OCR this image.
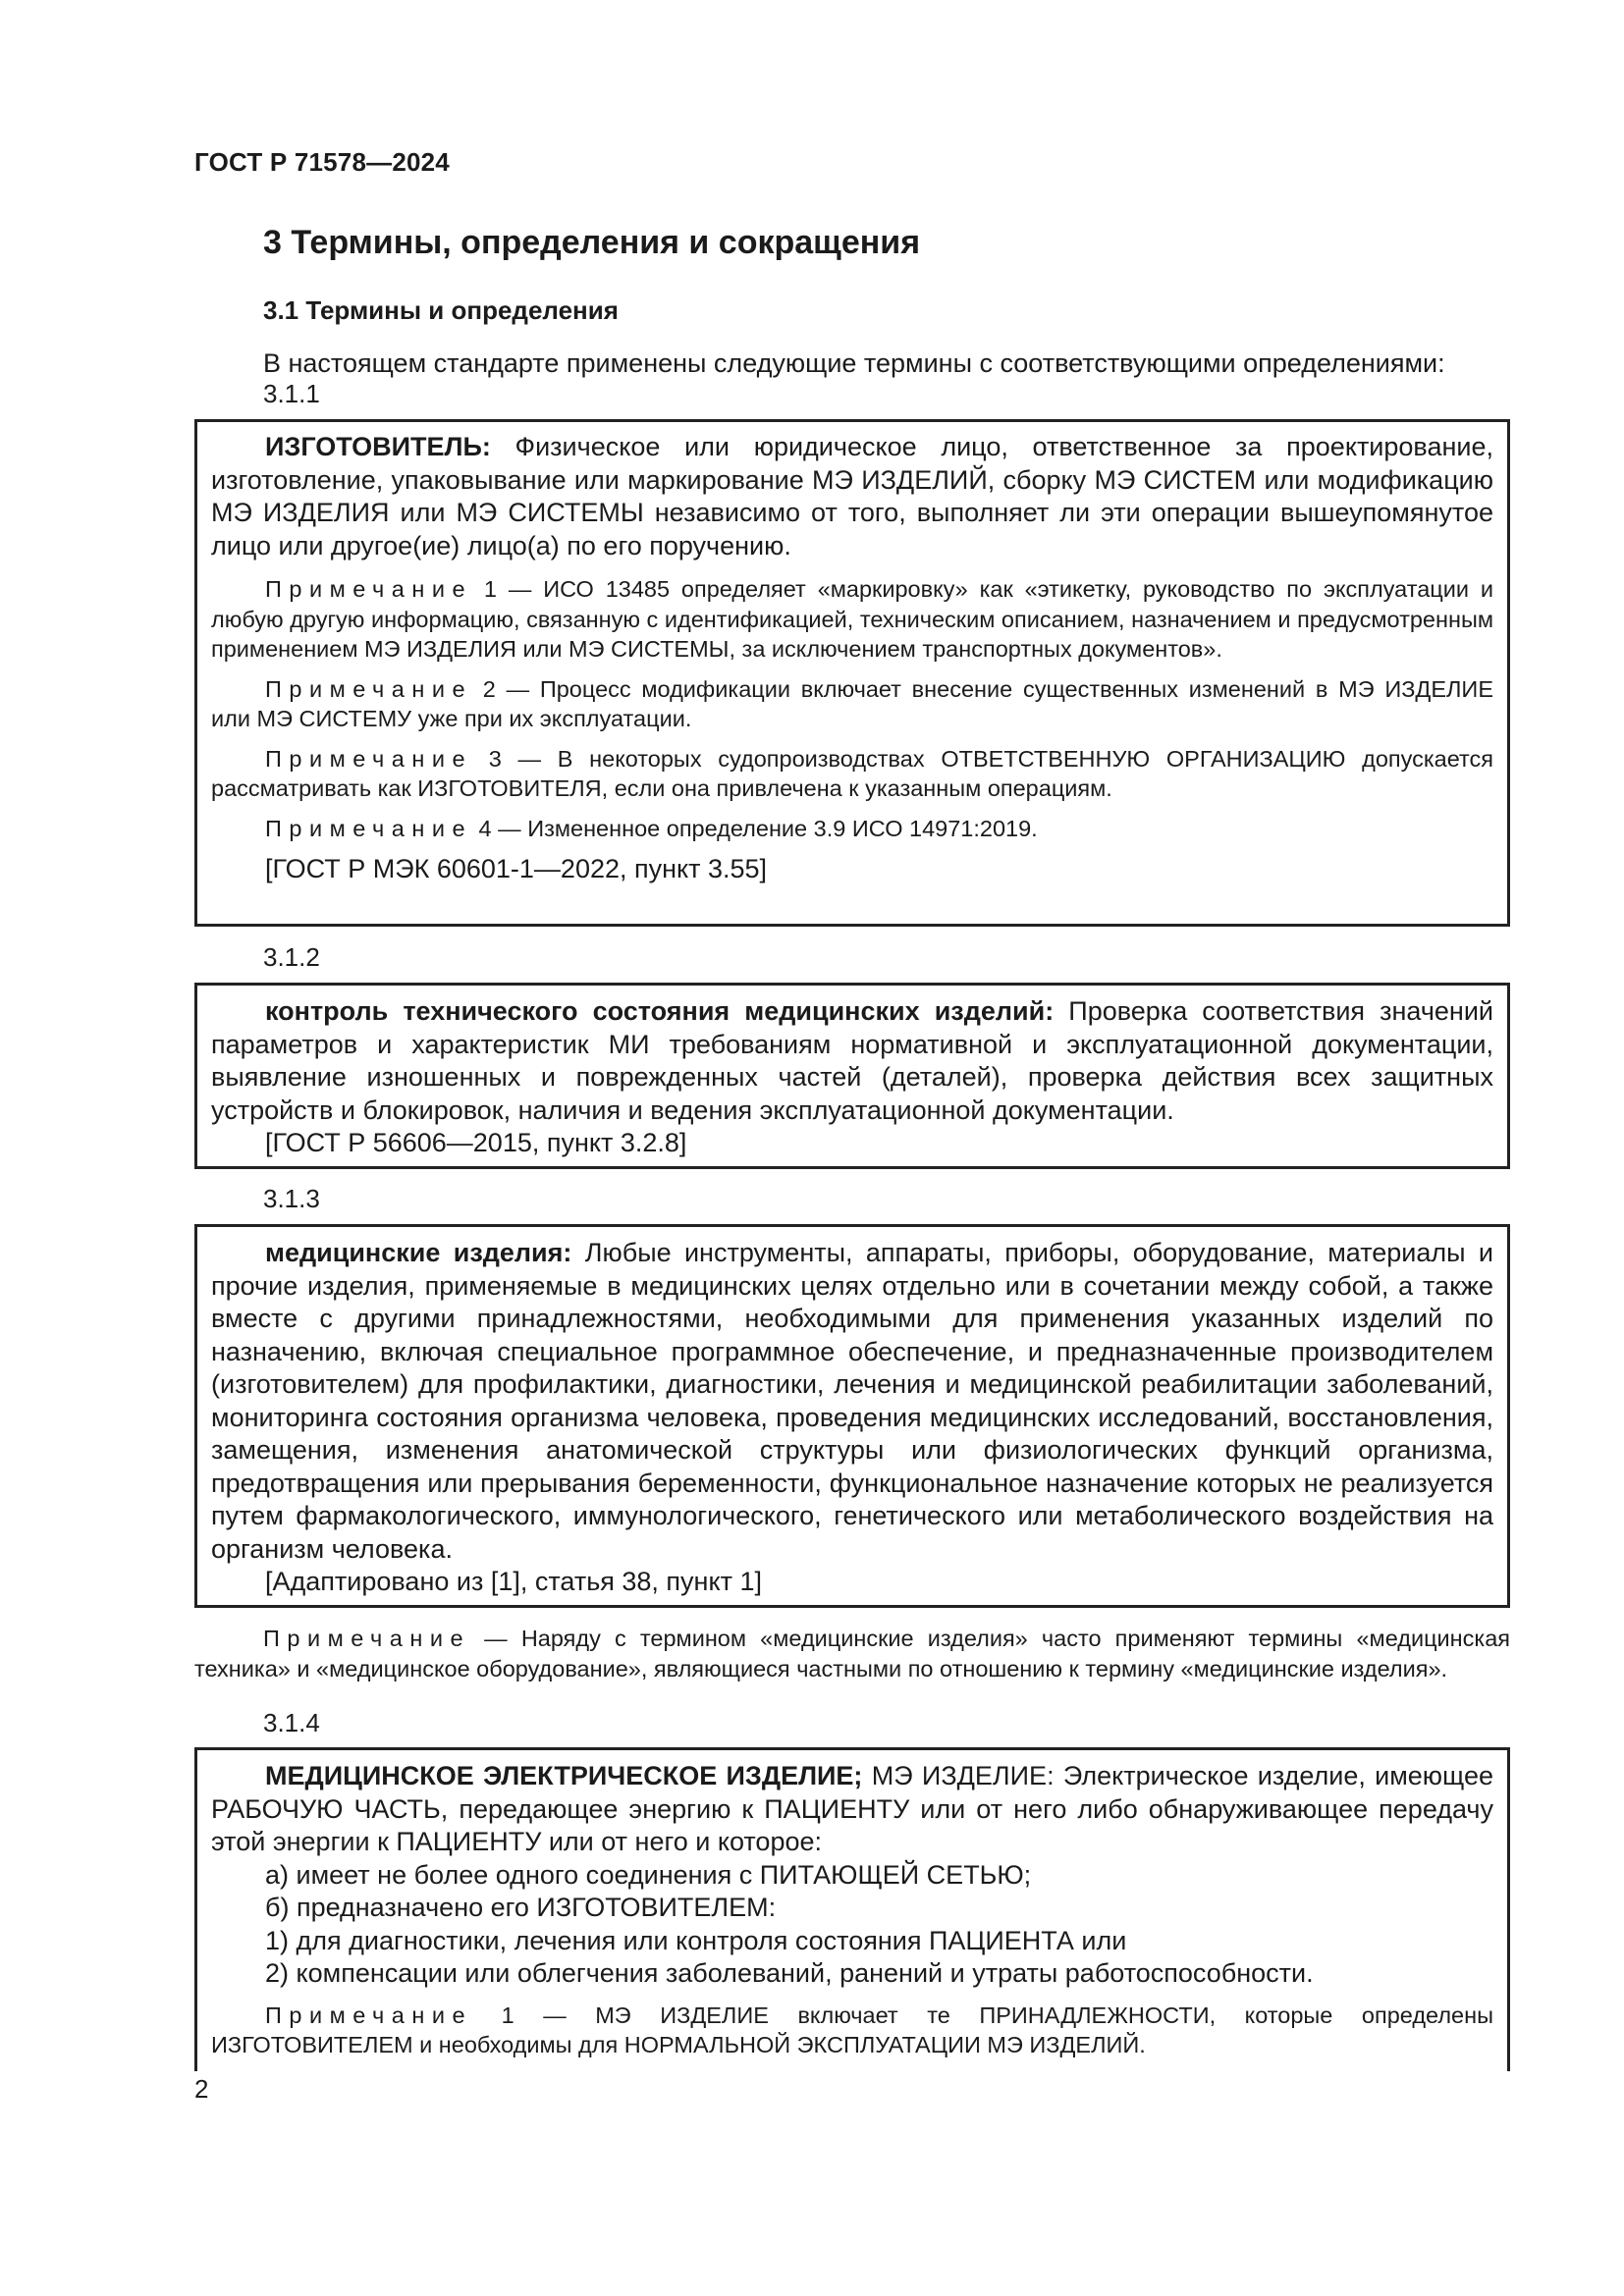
ГОСТ Р 71578—2024
3 Термины, определения и сокращения
3.1 Термины и определения
В настоящем стандарте применены следующие термины с соответствующими определениями:
3.1.1

ИЗГОТОВИТЕЛЬ: Физическое или юридическое лицо, ответственное за проектирование, изготовление, упаковывание или маркирование МЭ ИЗДЕЛИЙ, сборку МЭ СИСТЕМ или модификацию МЭ ИЗДЕЛИЯ или МЭ СИСТЕМЫ независимо от того, выполняет ли эти операции вышеупомянутое лицо или другое(ие) лицо(а) по его поручению.

Примечание 1 — ИСО 13485 определяет «маркировку» как «этикетку, руководство по эксплуатации и любую другую информацию, связанную с идентификацией, техническим описанием, назначением и предусмотренным применением МЭ ИЗДЕЛИЯ или МЭ СИСТЕМЫ, за исключением транспортных документов».

Примечание 2 — Процесс модификации включает внесение существенных изменений в МЭ ИЗДЕЛИЕ или МЭ СИСТЕМУ уже при их эксплуатации.

Примечание 3 — В некоторых судопроизводствах ОТВЕТСТВЕННУЮ ОРГАНИЗАЦИЮ допускается рассматривать как ИЗГОТОВИТЕЛЯ, если она привлечена к указанным операциям.

Примечание 4 — Измененное определение 3.9 ИСО 14971:2019.

[ГОСТ Р МЭК 60601-1—2022, пункт 3.55]

3.1.2

контроль технического состояния медицинских изделий: Проверка соответствия значений параметров и характеристик МИ требованиям нормативной и эксплуатационной документации, выявление изношенных и поврежденных частей (деталей), проверка действия всех защитных устройств и блокировок, наличия и ведения эксплуатационной документации.

[ГОСТ Р 56606—2015, пункт 3.2.8]

3.1.3

медицинские изделия: Любые инструменты, аппараты, приборы, оборудование, материалы и прочие изделия, применяемые в медицинских целях отдельно или в сочетании между собой, а также вместе с другими принадлежностями, необходимыми для применения указанных изделий по назначению, включая специальное программное обеспечение, и предназначенные производителем (изготовителем) для профилактики, диагностики, лечения и медицинской реабилитации заболеваний, мониторинга состояния организма человека, проведения медицинских исследований, восстановления, замещения, изменения анатомической структуры или физиологических функций организма, предотвращения или прерывания беременности, функциональное назначение которых не реализуется путем фармакологического, иммунологического, генетического или метаболического воздействия на организм человека.

[Адаптировано из [1], статья 38, пункт 1]

Примечание — Наряду с термином «медицинские изделия» часто применяют термины «медицинская техника» и «медицинское оборудование», являющиеся частными по отношению к термину «медицинские изделия».
3.1.4

МЕДИЦИНСКОЕ ЭЛЕКТРИЧЕСКОЕ ИЗДЕЛИЕ; МЭ ИЗДЕЛИЕ: Электрическое изделие, имеющее РАБОЧУЮ ЧАСТЬ, передающее энергию к ПАЦИЕНТУ или от него либо обнаруживающее передачу этой энергии к ПАЦИЕНТУ или от него и которое:

а) имеет не более одного соединения с ПИТАЮЩЕЙ СЕТЬЮ;

б) предназначено его ИЗГОТОВИТЕЛЕМ:

1) для диагностики, лечения или контроля состояния ПАЦИЕНТА или

2) компенсации или облегчения заболеваний, ранений и утраты работоспособности.

Примечание 1 — МЭ ИЗДЕЛИЕ включает те ПРИНАДЛЕЖНОСТИ, которые определены ИЗГОТОВИТЕЛЕМ и необходимы для НОРМАЛЬНОЙ ЭКСПЛУАТАЦИИ МЭ ИЗДЕЛИЙ.

2
